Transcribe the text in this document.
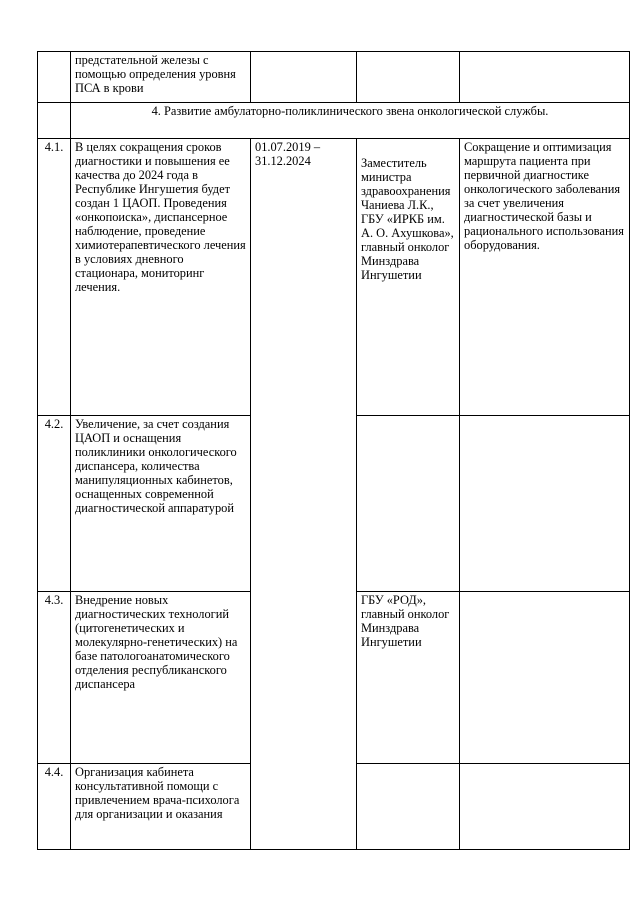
	предстательной железы с помощью определения уровня ПСА в крови			
	4. Развитие амбулаторно-поликлинического звена онкологической службы.			
4.1.	В целях сокращения сроков диагностики и повышения ее качества до 2024 года в Республике Ингушетия будет создан 1 ЦАОП. Проведения «онкопоиска», диспансерное наблюдение, проведение химиотерапевтического лечения в условиях дневного стационара, мониторинг лечения.	01.07.2019 – 31.12.2024	Заместитель министра здравоохранения Чаниева Л.К., ГБУ «ИРКБ им. А. О. Ахушкова», главный онколог Минздрава Ингушетии	Сокращение и оптимизация маршрута пациента при первичной диагностике онкологического заболевания за счет увеличения диагностической базы и рационального использования оборудования.
4.2.	Увеличение, за счет создания ЦАОП и оснащения поликлиники онкологического диспансера, количества манипуляционных кабинетов, оснащенных современной диагностической аппаратурой			
4.3.	Внедрение новых диагностических технологий (цитогенетических и молекулярно-генетических) на базе патологоанатомического отделения республиканского диспансера		ГБУ «РОД», главный онколог Минздрава Ингушетии	
4.4.	Организация кабинета консультативной помощи с привлечением врача-психолога для организации и оказания			
